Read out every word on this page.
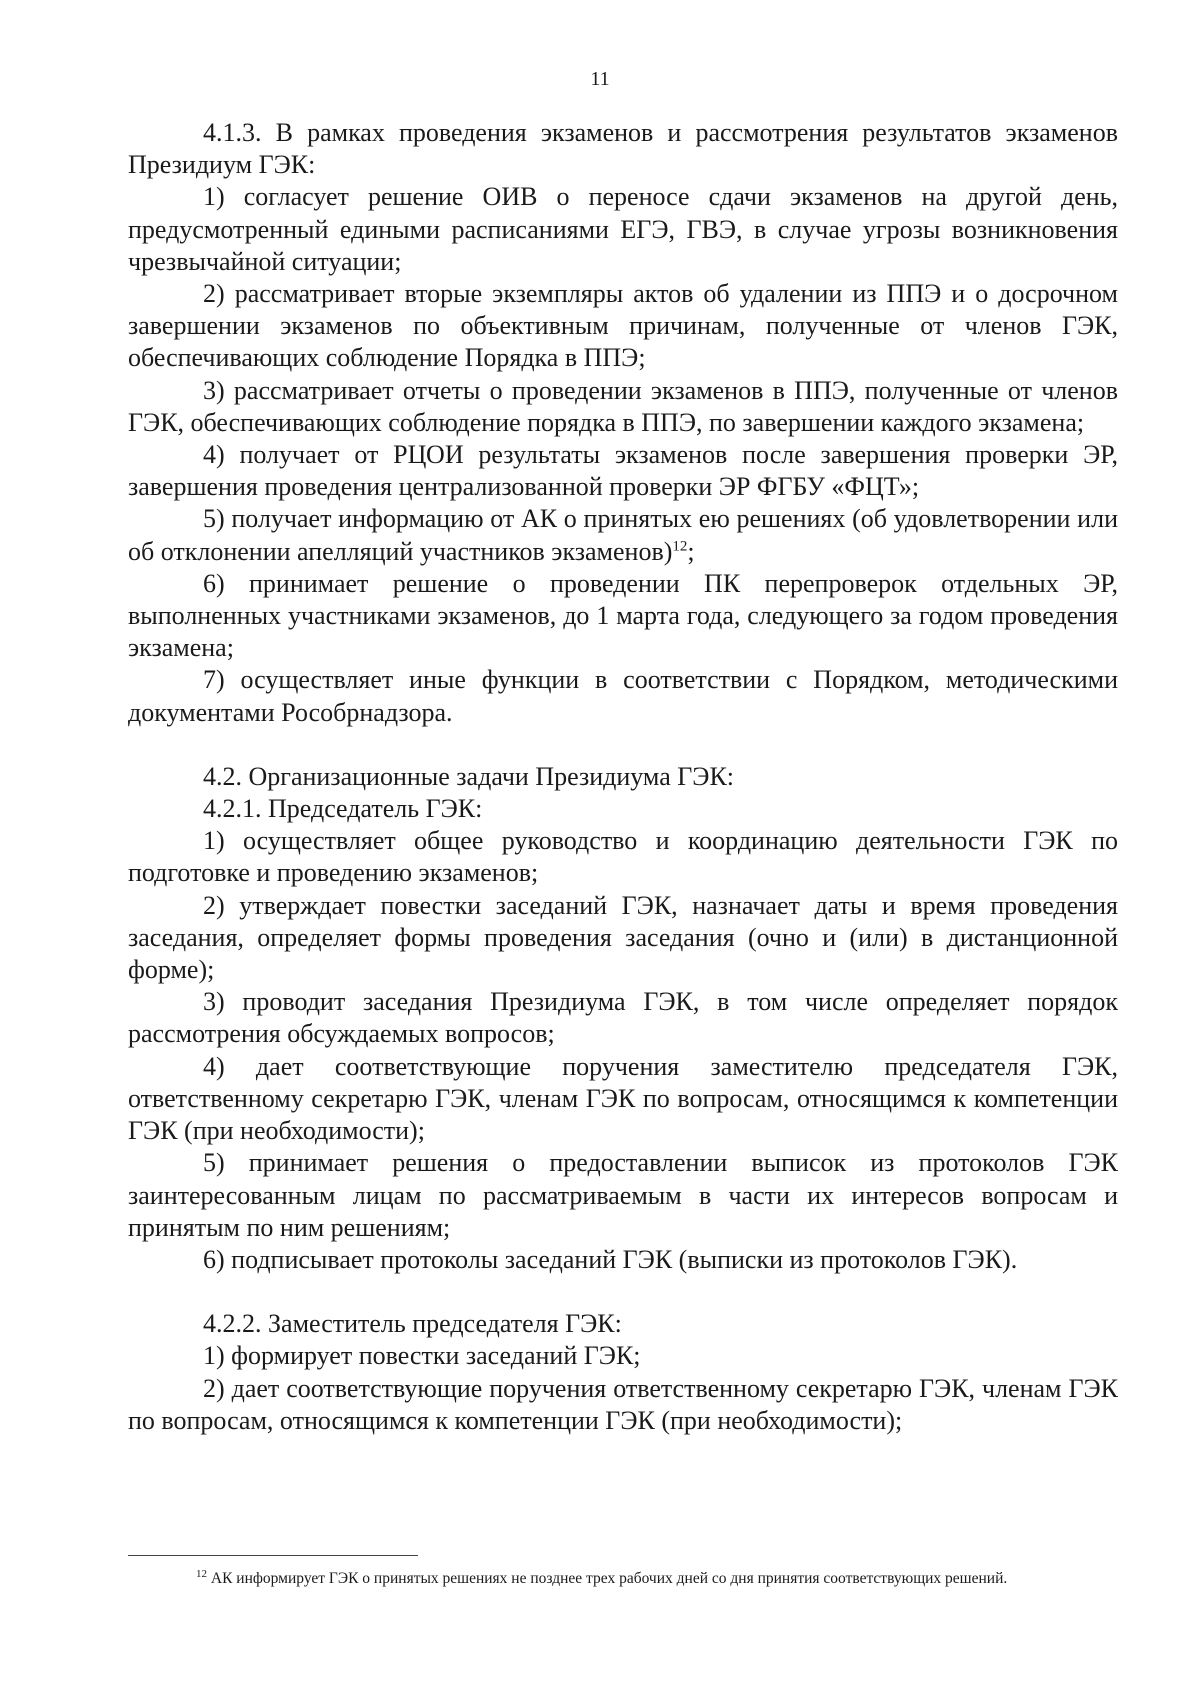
11

4.1.3. В рамках проведения экзаменов и рассмотрения результатов экзаменов Президиум ГЭК:

1) согласует решение ОИВ о переносе сдачи экзаменов на другой день, предусмотренный едиными расписаниями ЕГЭ, ГВЭ, в случае угрозы возникновения чрезвычайной ситуации;

2) рассматривает вторые экземпляры актов об удалении из ППЭ и о досрочном завершении экзаменов по объективным причинам, полученные от членов ГЭК, обеспечивающих соблюдение Порядка в ППЭ;

3) рассматривает отчеты о проведении экзаменов в ППЭ, полученные от членов ГЭК, обеспечивающих соблюдение порядка в ППЭ, по завершении каждого экзамена;

4) получает от РЦОИ результаты экзаменов после завершения проверки ЭР, завершения проведения централизованной проверки ЭР ФГБУ «ФЦТ»;

5) получает информацию от АК о принятых ею решениях (об удовлетворении или об отклонении апелляций участников экзаменов)$^{12}$;

6) принимает решение о проведении ПК перепроверок отдельных ЭР, выполненных участниками экзаменов, до 1 марта года, следующего за годом проведения экзамена;

7) осуществляет иные функции в соответствии с Порядком, методическими документами Рособрнадзора.

4.2. Организационные задачи Президиума ГЭК:

4.2.1. Председатель ГЭК:

1) осуществляет общее руководство и координацию деятельности ГЭК по подготовке и проведению экзаменов;

2) утверждает повестки заседаний ГЭК, назначает даты и время проведения заседания, определяет формы проведения заседания (очно и (или) в дистанционной форме);

3) проводит заседания Президиума ГЭК, в том числе определяет порядок рассмотрения обсуждаемых вопросов;

4) дает соответствующие поручения заместителю председателя ГЭК, ответственному секретарю ГЭК, членам ГЭК по вопросам, относящимся к компетенции ГЭК (при необходимости);

5) принимает решения о предоставлении выписок из протоколов ГЭК заинтересованным лицам по рассматриваемым в части их интересов вопросам и принятым по ним решениям;

6) подписывает протоколы заседаний ГЭК (выписки из протоколов ГЭК).

4.2.2. Заместитель председателя ГЭК:

1) формирует повестки заседаний ГЭК;

2) дает соответствующие поручения ответственному секретарю ГЭК, членам ГЭК по вопросам, относящимся к компетенции ГЭК (при необходимости);

$^{12}$ АК информирует ГЭК о принятых решениях не позднее трех рабочих дней со дня принятия соответствующих решений.
